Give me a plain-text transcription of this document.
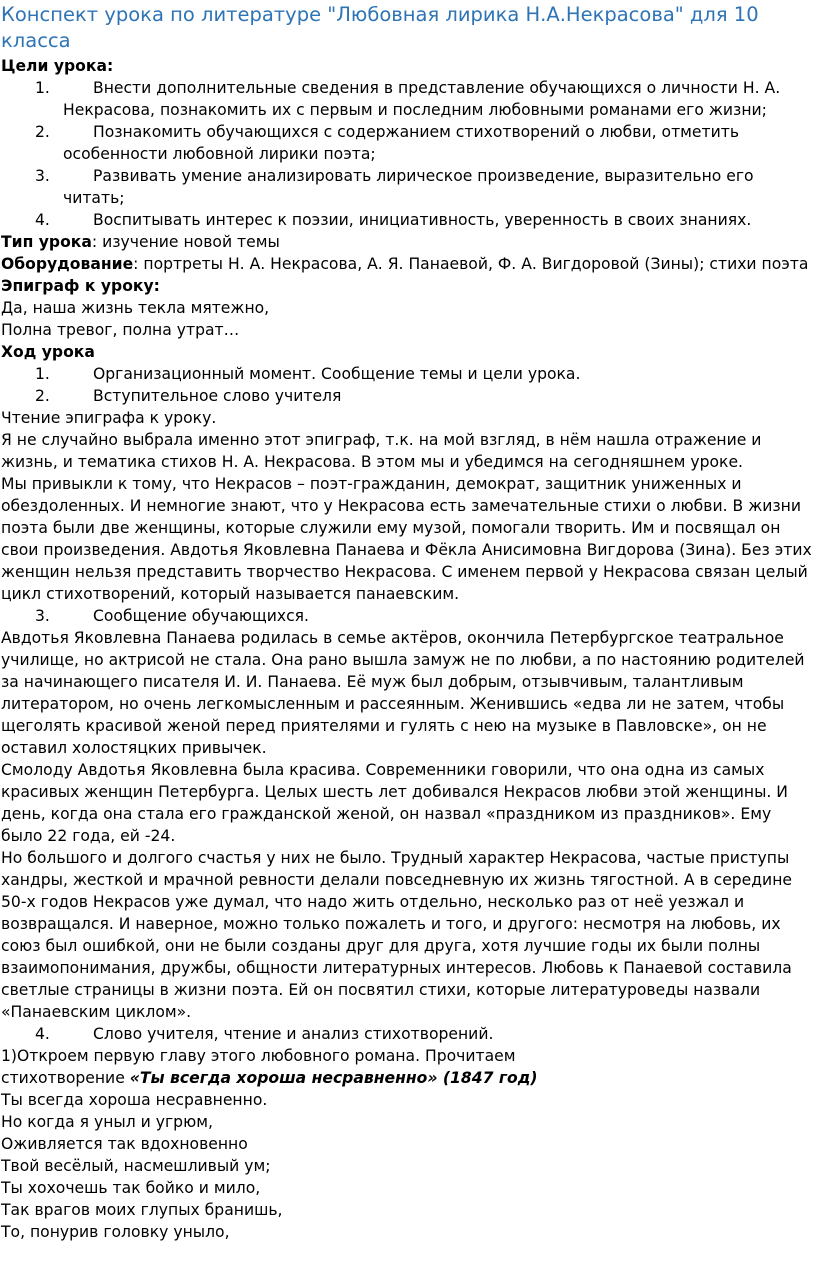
Конспект урока по литературе "Любовная лирика Н.А.Некрасова" для 10 класса

Цели урока:

1.	Внести дополнительные сведения в представление обучающихся о личности Н. А. Некрасова, познакомить их с первым и последним любовными романами его жизни;
2.	Познакомить обучающихся с содержанием стихотворений о любви, отметить особенности любовной лирики поэта;
3.	Развивать умение анализировать лирическое произведение, выразительно его читать;
4.	Воспитывать интерес к поэзии, инициативность, уверенность в своих знаниях.

Тип урока: изучение новой темы

Оборудование: портреты Н. А. Некрасова, А. Я. Панаевой, Ф. А. Вигдоровой (Зины); стихи поэта

Эпиграф к уроку:

Да, наша жизнь текла мятежно,

Полна тревог, полна утрат…

Ход урока

1.	Организационный момент. Сообщение темы и цели урока.
2.	Вступительное слово учителя

Чтение эпиграфа к уроку.

Я не случайно выбрала именно этот эпиграф, т.к. на мой взгляд, в нём нашла отражение и жизнь, и тематика стихов Н. А. Некрасова. В этом мы и убедимся на сегодняшнем уроке.

Мы привыкли к тому, что Некрасов – поэт-гражданин, демократ, защитник униженных и обездоленных. И немногие знают, что у Некрасова есть замечательные стихи о любви. В жизни поэта были две женщины, которые служили ему музой, помогали творить. Им и посвящал он свои произведения. Авдотья Яковлевна Панаева и Фёкла Анисимовна Вигдорова (Зина). Без этих женщин нельзя представить творчество Некрасова. С именем первой у Некрасова связан целый цикл стихотворений, который называется панаевским.

3.	Сообщение обучающихся.

Авдотья Яковлевна Панаева родилась в семье актёров, окончила Петербургское театральное училище, но актрисой не стала. Она рано вышла замуж не по любви, а по настоянию родителей за начинающего писателя И. И. Панаева. Её муж был добрым, отзывчивым, талантливым литератором, но очень легкомысленным и рассеянным. Женившись «едва ли не затем, чтобы щеголять красивой женой перед приятелями и гулять с нею на музыке в Павловске», он не оставил холостяцких привычек.

Смолоду Авдотья Яковлевна была красива. Современники говорили, что она одна из самых красивых женщин Петербурга. Целых шесть лет добивался Некрасов любви этой женщины. И день, когда она стала его гражданской женой, он назвал «праздником из праздников». Ему было 22 года, ей -24.

Но большого и долгого счастья у них не было. Трудный характер Некрасова, частые приступы хандры, жесткой и мрачной ревности делали повседневную их жизнь тягостной. А в середине 50-х годов Некрасов уже думал, что надо жить отдельно, несколько раз от неё уезжал и возвращался. И наверное, можно только пожалеть и того, и другого: несмотря на любовь, их союз был ошибкой, они не были созданы друг для друга, хотя лучшие годы их были полны взаимопонимания, дружбы, общности литературных интересов. Любовь к Панаевой составила светлые страницы в жизни поэта. Ей он посвятил стихи, которые литературоведы назвали «Панаевским циклом».

4.	Слово учителя, чтение и анализ стихотворений.

1)Откроем первую главу этого любовного романа. Прочитаем

стихотворение «Ты всегда хороша несравненно» (1847 год)

Ты всегда хороша несравненно.

Но когда я уныл и угрюм,

Оживляется так вдохновенно

Твой весёлый, насмешливый ум;

Ты хохочешь так бойко и мило,

Так врагов моих глупых бранишь,

То, понурив головку уныло,
